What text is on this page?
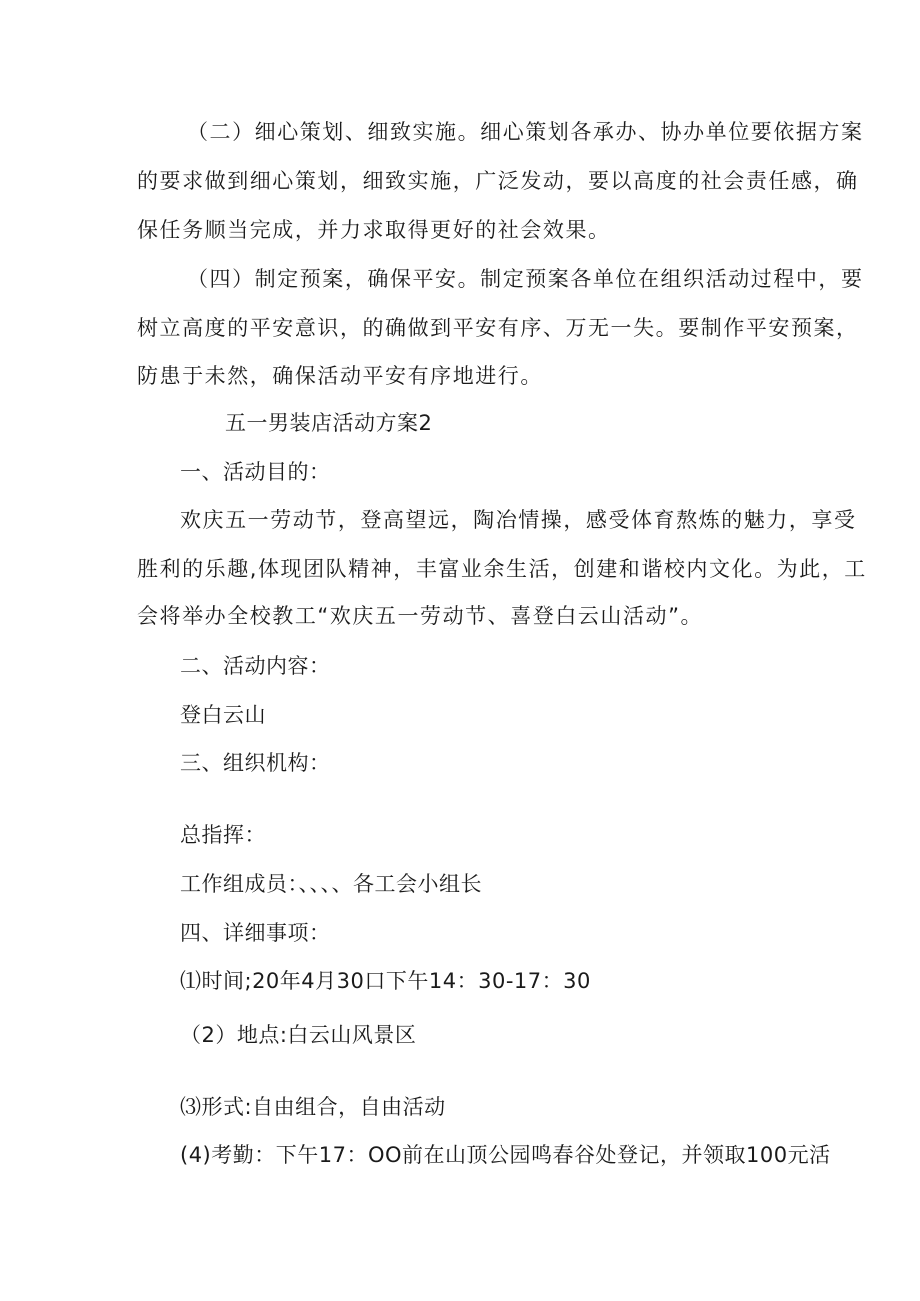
（二）细心策划、细致实施。细心策划各承办、协办单位要依据方案
的要求做到细心策划，细致实施，广泛发动，要以高度的社会责任感，确
保任务顺当完成，并力求取得更好的社会效果。
（四）制定预案，确保平安。制定预案各单位在组织活动过程中，要
树立高度的平安意识，的确做到平安有序、万无一失。要制作平安预案，
防患于未然，确保活动平安有序地进行。
五一男装店活动方案2
一、活动目的：
欢庆五一劳动节，登高望远，陶冶情操，感受体育熬炼的魅力，享受
胜利的乐趣,体现团队精神，丰富业余生活，创建和谐校内文化。为此，工
会将举办全校教工“欢庆五一劳动节、喜登白云山活动”。
二、活动内容：
登白云山
三、组织机构：
总指挥：
工作组成员：、、、、各工会小组长
四、详细事项：
⑴时间;20年4月30口下午14：30-17：30
（2）地点:白云山风景区
⑶形式:自由组合，自由活动
(4)考勤：下午17：OO前在山顶公园鸣春谷处登记，并领取100元活
